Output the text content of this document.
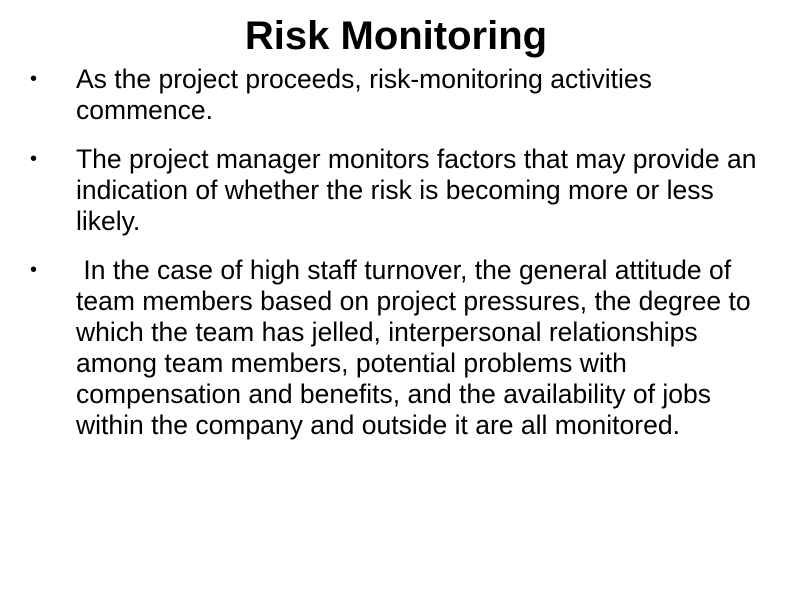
Risk Monitoring
•	As the project proceeds, risk-monitoring activities commence.
•	The project manager monitors factors that may provide an indication of whether the risk is becoming more or less likely.
•	In the case of high staff turnover, the general attitude of team members based on project pressures, the degree to which the team has jelled, interpersonal relationships among team members, potential problems with compensation and benefits, and the availability of jobs within the company and outside it are all monitored.
